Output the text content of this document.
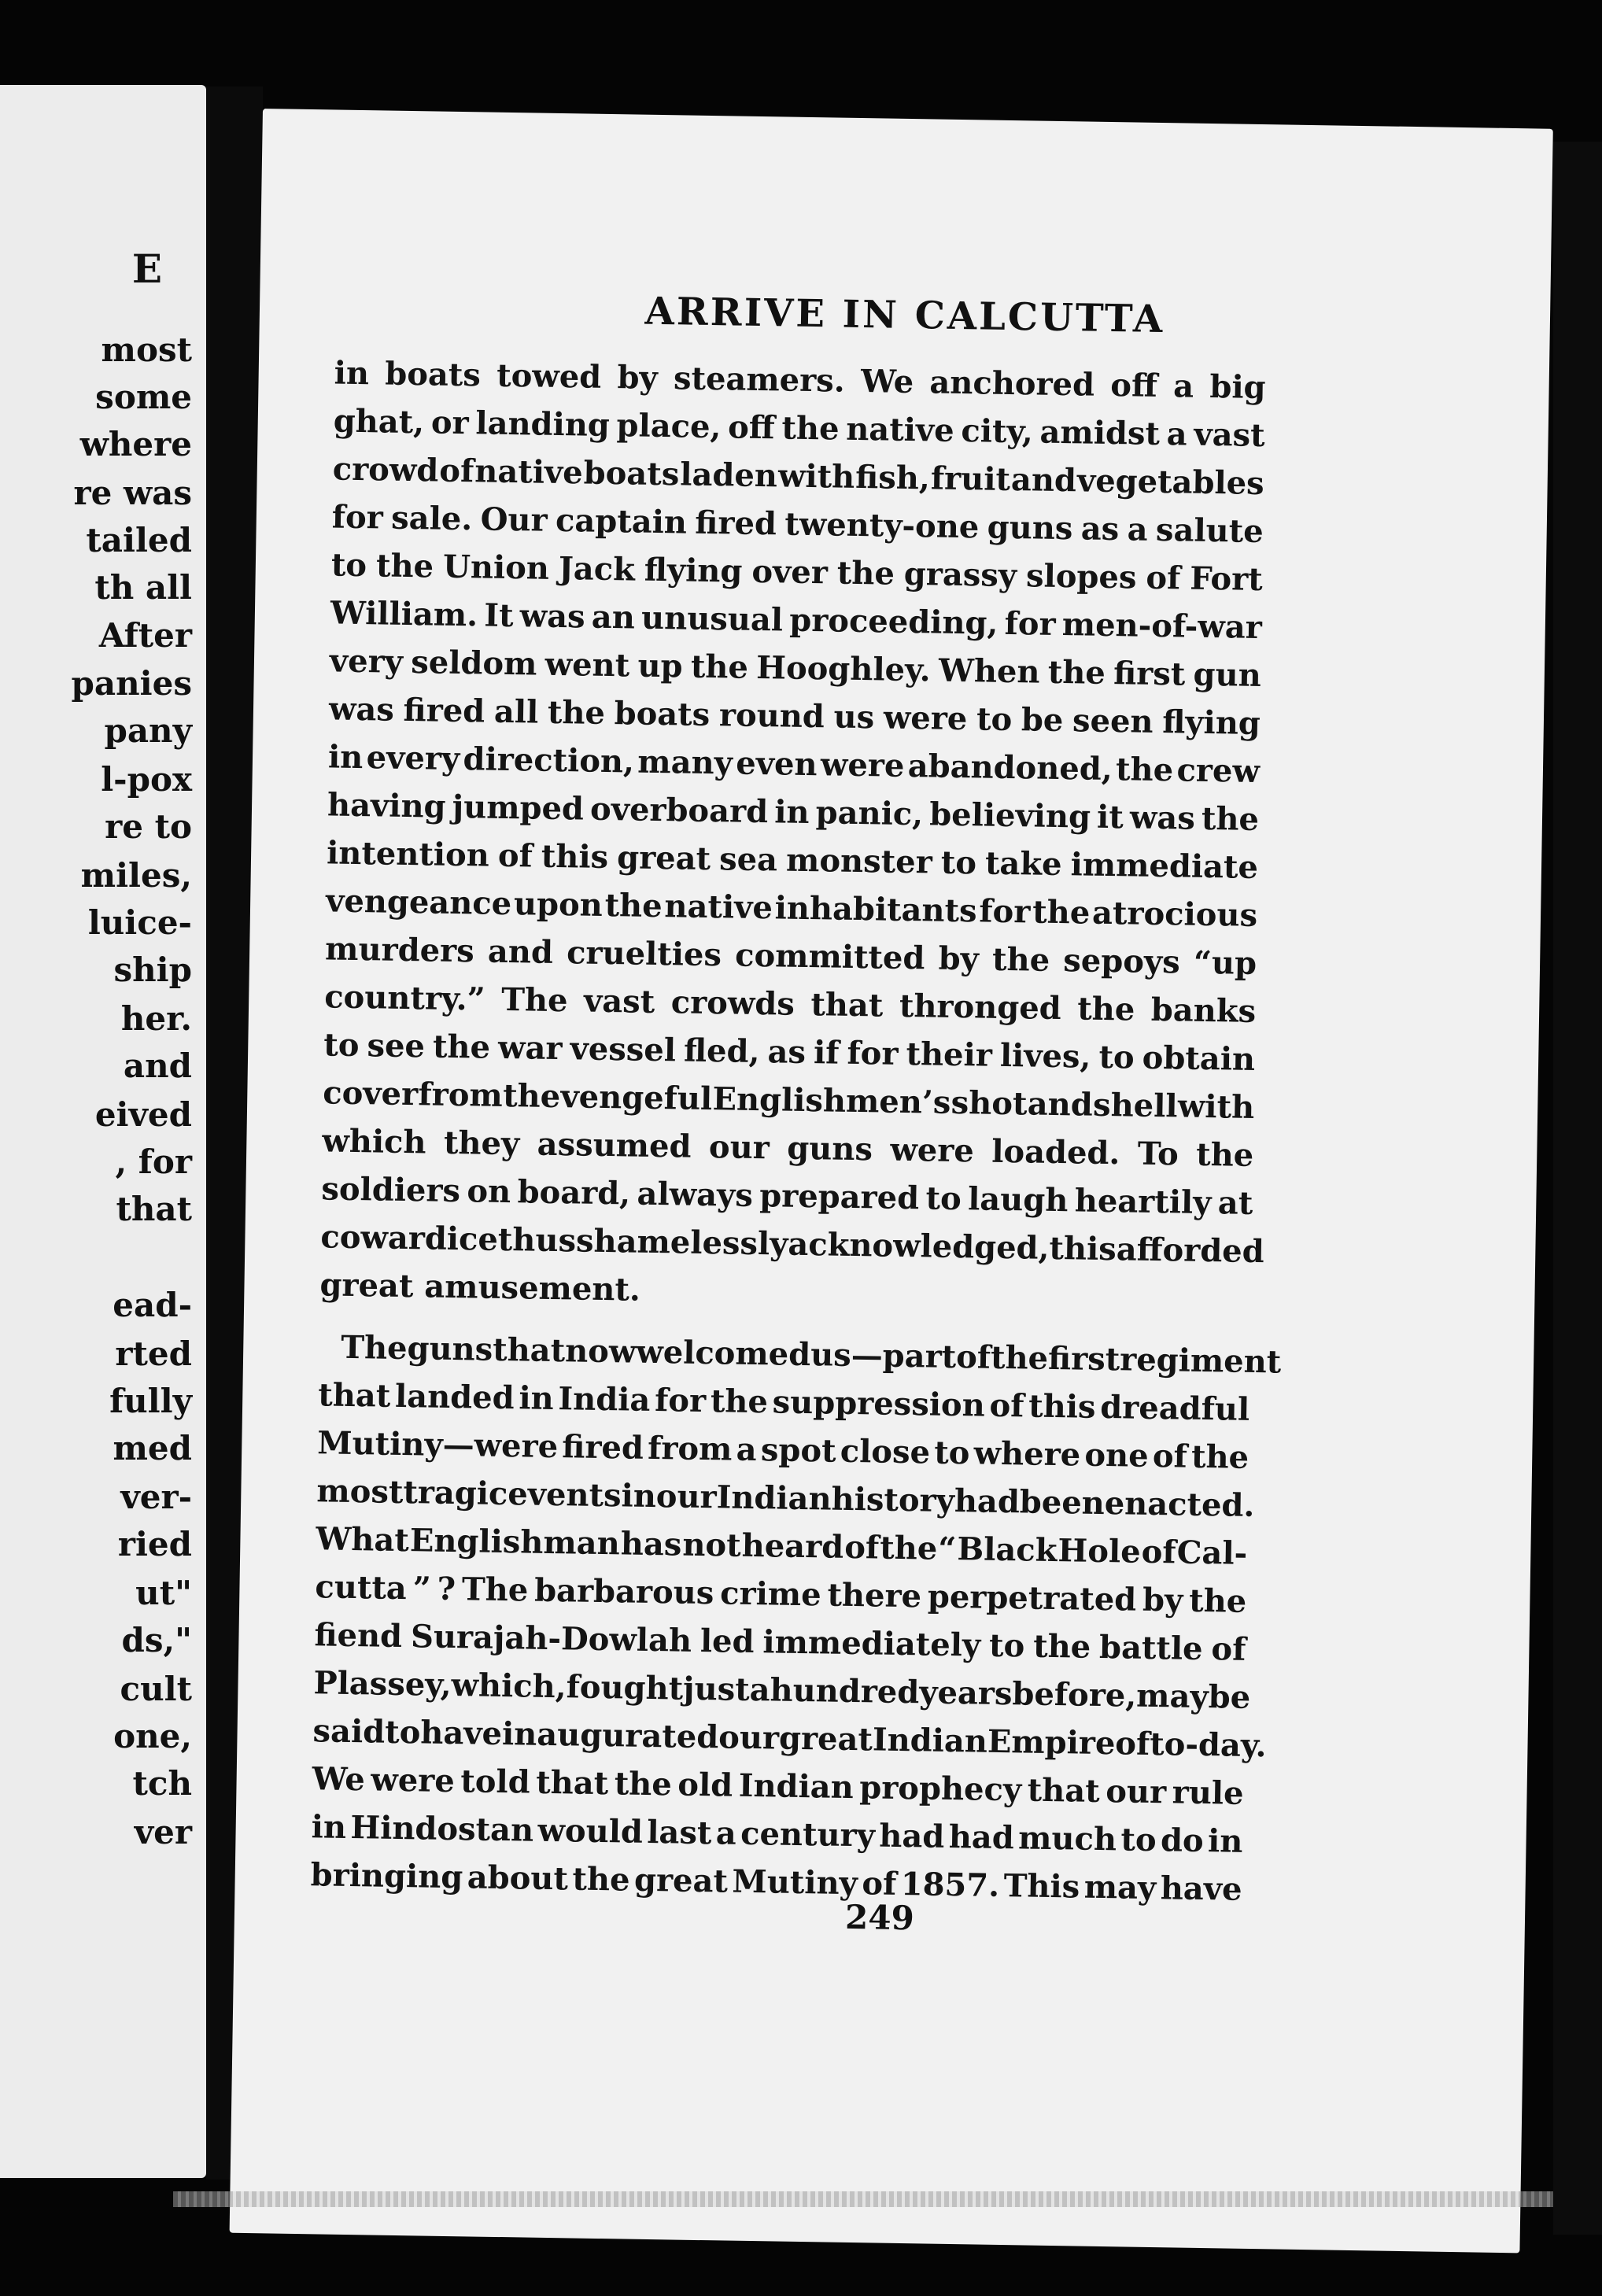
E
most
some
where
re was
tailed
th all
After
panies
pany
l-pox
re to
miles,
luice-
ship
her.
and
eived
, for
that
ead-
rted
fully
med
ver-
ried
ut"
ds,"
cult
one,
tch
ver
ARRIVE IN CALCUTTA
in boats towed by steamers. We anchored off a big
ghat, or landing place, off the native city, amidst a vast
crowd of native boats laden with fish, fruit and vegetables
for sale. Our captain fired twenty-one guns as a salute
to the Union Jack flying over the grassy slopes of Fort
William. It was an unusual proceeding, for men-of-war
very seldom went up the Hooghley. When the first gun
was fired all the boats round us were to be seen flying
in every direction, many even were abandoned, the crew
having jumped overboard in panic, believing it was the
intention of this great sea monster to take immediate
vengeance upon the native inhabitants for the atrocious
murders and cruelties committed by the sepoys “up
country.” The vast crowds that thronged the banks
to see the war vessel fled, as if for their lives, to obtain
cover from the vengeful Englishmen’s shot and shell with
which they assumed our guns were loaded. To the
soldiers on board, always prepared to laugh heartily at
cowardice thus shamelessly acknowledged, this afforded
great amusement.
The guns that now welcomed us—part of the first regiment
that landed in India for the suppression of this dreadful
Mutiny—were fired from a spot close to where one of the
most tragic events in our Indian history had been enacted.
What Englishman has not heard of the “ Black Hole of Cal-
cutta ” ? The barbarous crime there perpetrated by the
fiend Surajah-Dowlah led immediately to the battle of
Plassey, which, fought just a hundred years before, may be
said to have inaugurated our great Indian Empire of to-day.
We were told that the old Indian prophecy that our rule
in Hindostan would last a century had had much to do in
bringing about the great Mutiny of 1857. This may have
249
